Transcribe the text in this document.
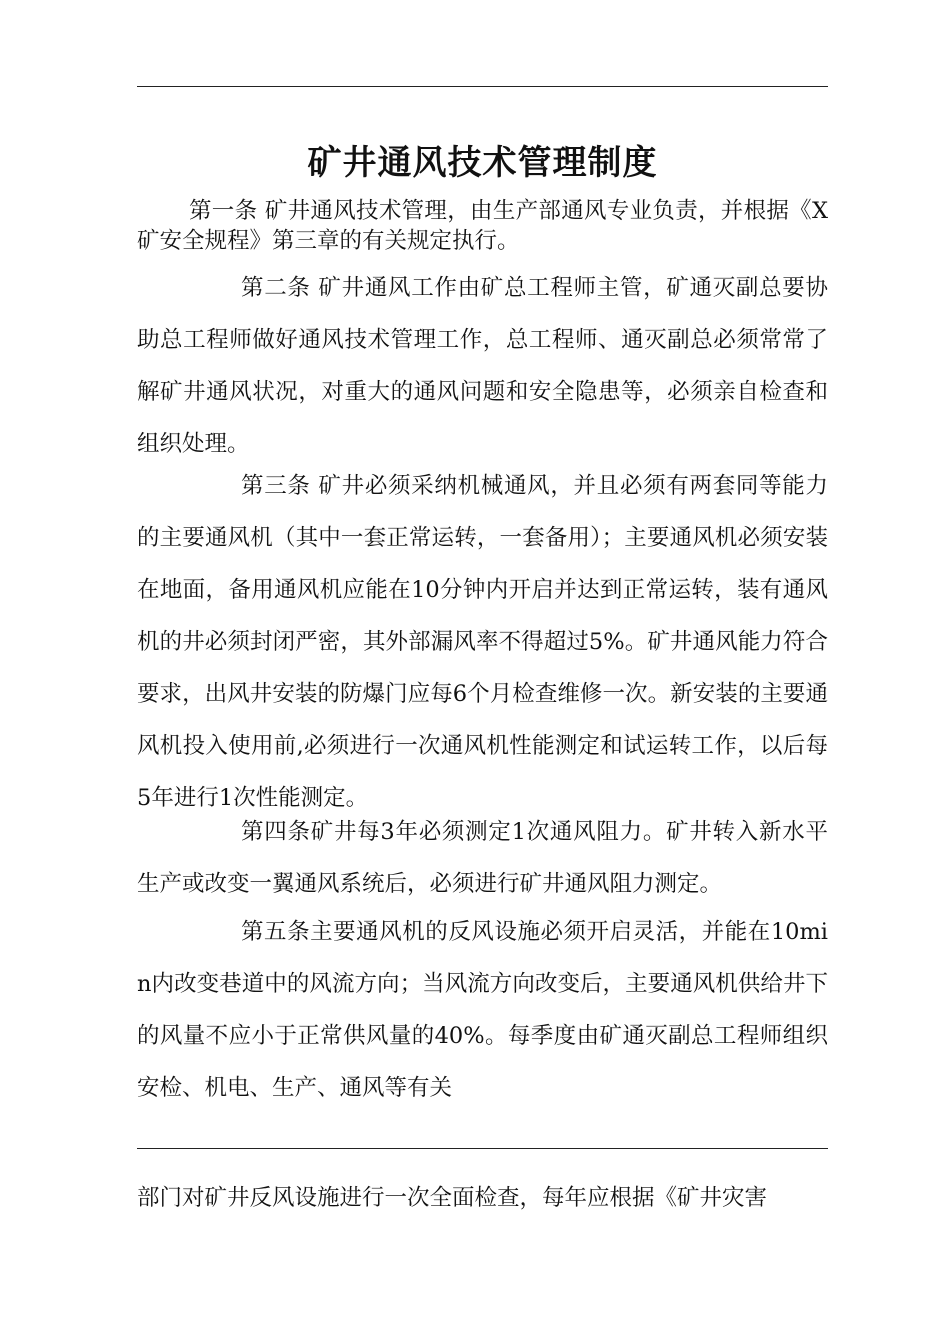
矿井通风技术管理制度

第一条 矿井通风技术管理，由生产部通风专业负责，并根据《X矿安全规程》第三章的有关规定执行。

第二条 矿井通风工作由矿总工程师主管，矿通灭副总要协助总工程师做好通风技术管理工作，总工程师、通灭副总必须常常了解矿井通风状况，对重大的通风问题和安全隐患等，必须亲自检查和组织处理。

第三条 矿井必须采纳机械通风，并且必须有两套同等能力的主要通风机（其中一套正常运转，一套备用）；主要通风机必须安装在地面，备用通风机应能在10分钟内开启并达到正常运转，装有通风机的井必须封闭严密，其外部漏风率不得超过5%。矿井通风能力符合要求，出风井安装的防爆门应每6个月检查维修一次。新安装的主要通风机投入使用前,必须进行一次通风机性能测定和试运转工作，以后每5年进行1次性能测定。

第四条矿井每3年必须测定1次通风阻力。矿井转入新水平生产或改变一翼通风系统后，必须进行矿井通风阻力测定。

第五条主要通风机的反风设施必须开启灵活，并能在10min内改变巷道中的风流方向；当风流方向改变后，主要通风机供给井下的风量不应小于正常供风量的40%。每季度由矿通灭副总工程师组织安检、机电、生产、通风等有关

部门对矿井反风设施进行一次全面检查，每年应根据《矿井灾害
